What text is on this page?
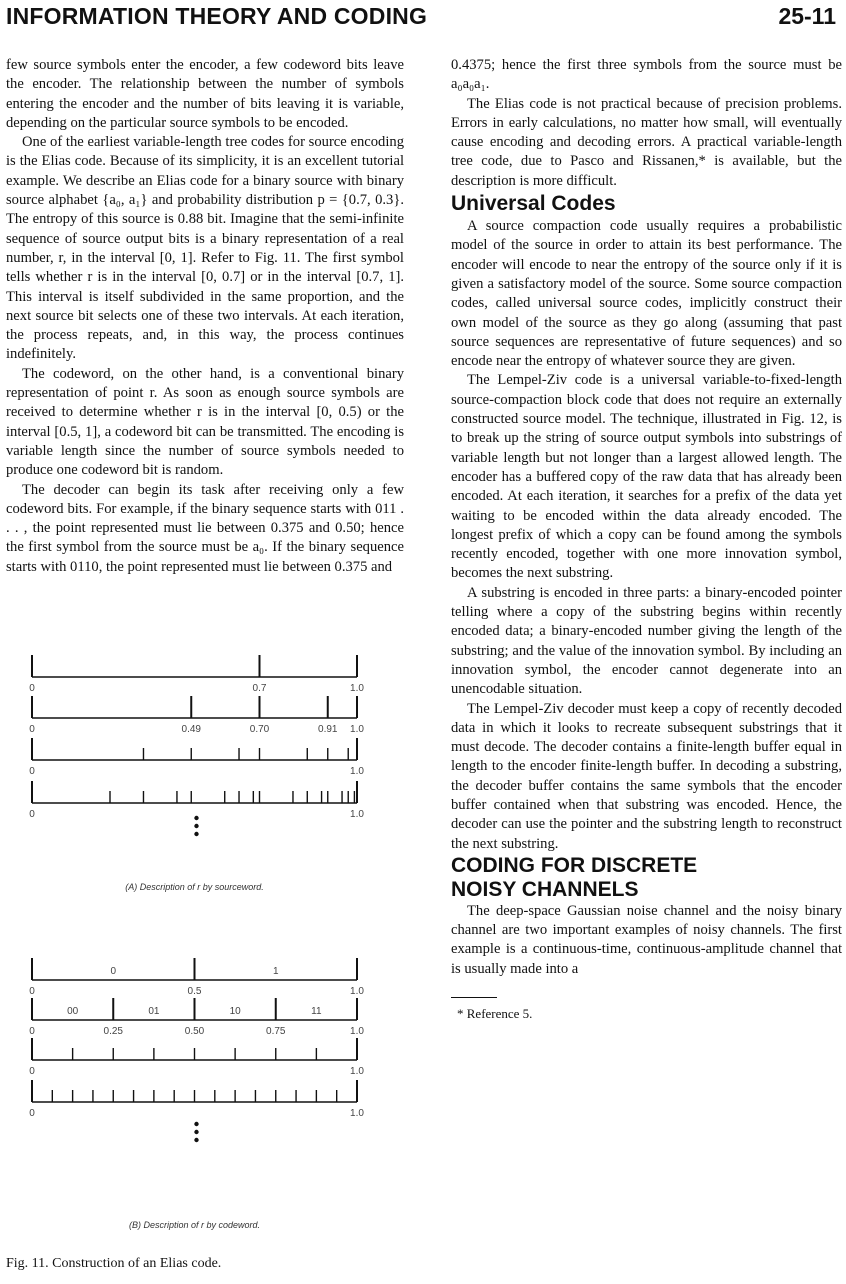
INFORMATION THEORY AND CODING	25-11

few source symbols enter the encoder, a few codeword bits leave the encoder. The relationship between the number of symbols entering the encoder and the number of bits leaving it is variable, depending on the particular source symbols to be encoded.

One of the earliest variable-length tree codes for source encoding is the Elias code. Because of its simplicity, it is an excellent tutorial example. We describe an Elias code for a binary source with binary source alphabet {a₀, a₁} and probability distribution p = {0.7, 0.3}. The entropy of this source is 0.88 bit. Imagine that the semi-infinite sequence of source output bits is a binary representation of a real number, r, in the interval [0, 1]. Refer to Fig. 11. The first symbol tells whether r is in the interval [0, 0.7] or in the interval [0.7, 1]. This interval is itself subdivided in the same proportion, and the next source bit selects one of these two intervals. At each iteration, the process repeats, and, in this way, the process continues indefinitely.

The codeword, on the other hand, is a conventional binary representation of point r. As soon as enough source symbols are received to determine whether r is in the interval [0, 0.5) or the interval [0.5, 1], a codeword bit can be transmitted. The encoding is variable length since the number of source symbols needed to produce one codeword bit is random.

The decoder can begin its task after receiving only a few codeword bits. For example, if the binary sequence starts with 011 . . . , the point represented must lie between 0.375 and 0.50; hence the first symbol from the source must be a₀. If the binary sequence starts with 0110, the point represented must lie between 0.375 and

0	0.7	1.0
0	0.49	0.70	0.91 1.0
0	1.0
0	1.0
(A) Description of r by sourceword.
0	0.5	1.0
0	1
0	0.25	0.50	0.75	1.0
00	01	10	11
0	1.0
0	1.0
(B) Description of r by codeword.
Fig. 11. Construction of an Elias code.

0.4375; hence the first three symbols from the source must be a₀a₀a₁.

The Elias code is not practical because of precision problems. Errors in early calculations, no matter how small, will eventually cause encoding and decoding errors. A practical variable-length tree code, due to Pasco and Rissanen,* is available, but the description is more difficult.

Universal Codes

A source compaction code usually requires a probabilistic model of the source in order to attain its best performance. The encoder will encode to near the entropy of the source only if it is given a satisfactory model of the source. Some source compaction codes, called universal source codes, implicitly construct their own model of the source as they go along (assuming that past source sequences are representative of future sequences) and so encode near the entropy of whatever source they are given.

The Lempel-Ziv code is a universal variable-to-fixed-length source-compaction block code that does not require an externally constructed source model. The technique, illustrated in Fig. 12, is to break up the string of source output symbols into substrings of variable length but not longer than a largest allowed length. The encoder has a buffered copy of the raw data that has already been encoded. At each iteration, it searches for a prefix of the data yet waiting to be encoded within the data already encoded. The longest prefix of which a copy can be found among the symbols recently encoded, together with one more innovation symbol, becomes the next substring.

A substring is encoded in three parts: a binary-encoded pointer telling where a copy of the substring begins within recently encoded data; a binary-encoded number giving the length of the substring; and the value of the innovation symbol. By including an innovation symbol, the encoder cannot degenerate into an unencodable situation.

The Lempel-Ziv decoder must keep a copy of recently decoded data in which it looks to recreate subsequent substrings that it must decode. The decoder contains a finite-length buffer equal in length to the encoder finite-length buffer. In decoding a substring, the decoder buffer contains the same symbols that the encoder buffer contained when that substring was encoded. Hence, the decoder can use the pointer and the substring length to reconstruct the next substring.

CODING FOR DISCRETE
NOISY CHANNELS

The deep-space Gaussian noise channel and the noisy binary channel are two important examples of noisy channels. The first example is a continuous-time, continuous-amplitude channel that is usually made into a

* Reference 5.
